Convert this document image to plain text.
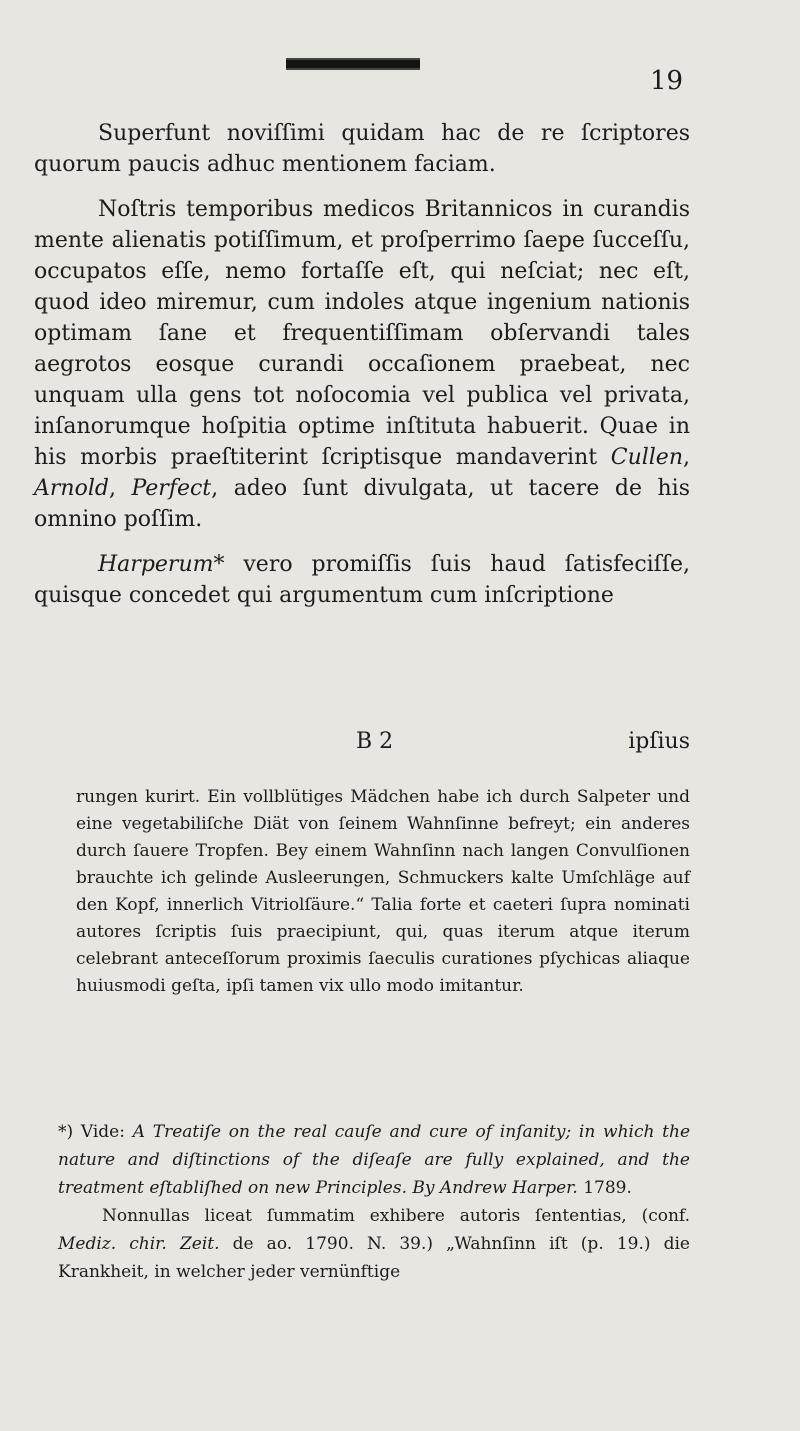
19

Superfunt noviſſimi quidam hac de re ſcriptores quorum paucis adhuc mentionem faciam.

Noſtris temporibus medicos Britannicos in curandis mente alienatis potiſſimum, et proſperrimo ſaepe ſucceſſu, occupatos eſſe, nemo fortaſſe eſt, qui neſciat; nec eſt, quod ideo miremur, cum indoles atque ingenium nationis optimam ſane et frequentiſſimam obſervandi tales aegrotos eosque curandi occaſionem praebeat, nec unquam ulla gens tot noſocomia vel publica vel privata, inſanorumque hoſpitia optime inſtituta habuerit. Quae in his morbis praeſtiterint ſcriptisque mandaverint Cullen, Arnold, Perfect, adeo ſunt divulgata, ut tacere de his omnino poſſim.

Harperum* vero promiſſis ſuis haud ſatisfeciſſe, quisque concedet qui argumentum cum inſcriptione

B 2	ipſius

rungen kurirt. Ein vollblütiges Mädchen habe ich durch Salpeter und eine vegetabiliſche Diät von ſeinem Wahnſinne befreyt; ein anderes durch ſauere Tropfen. Bey einem Wahnſinn nach langen Convulſionen brauchte ich gelinde Ausleerungen, Schmuckers kalte Umſchläge auf den Kopf, innerlich Vitriolſäure.“ Talia forte et caeteri ſupra nominati autores ſcriptis ſuis praecipiunt, qui, quas iterum atque iterum celebrant anteceſſorum proximis ſaeculis curationes pſychicas aliaque huiusmodi geſta, ipſi tamen vix ullo modo imitantur.

*) Vide: A Treatiſe on the real cauſe and cure of inſanity; in which the nature and diſtinctions of the diſeaſe are fully explained, and the treatment eſtabliſhed on new Principles. By Andrew Harper. 1789.

Nonnullas liceat ſummatim exhibere autoris ſententias, (conf. Mediz. chir. Zeit. de ao. 1790. N. 39.) „Wahnſinn iſt (p. 19.) die Krankheit, in welcher jeder vernünftige
